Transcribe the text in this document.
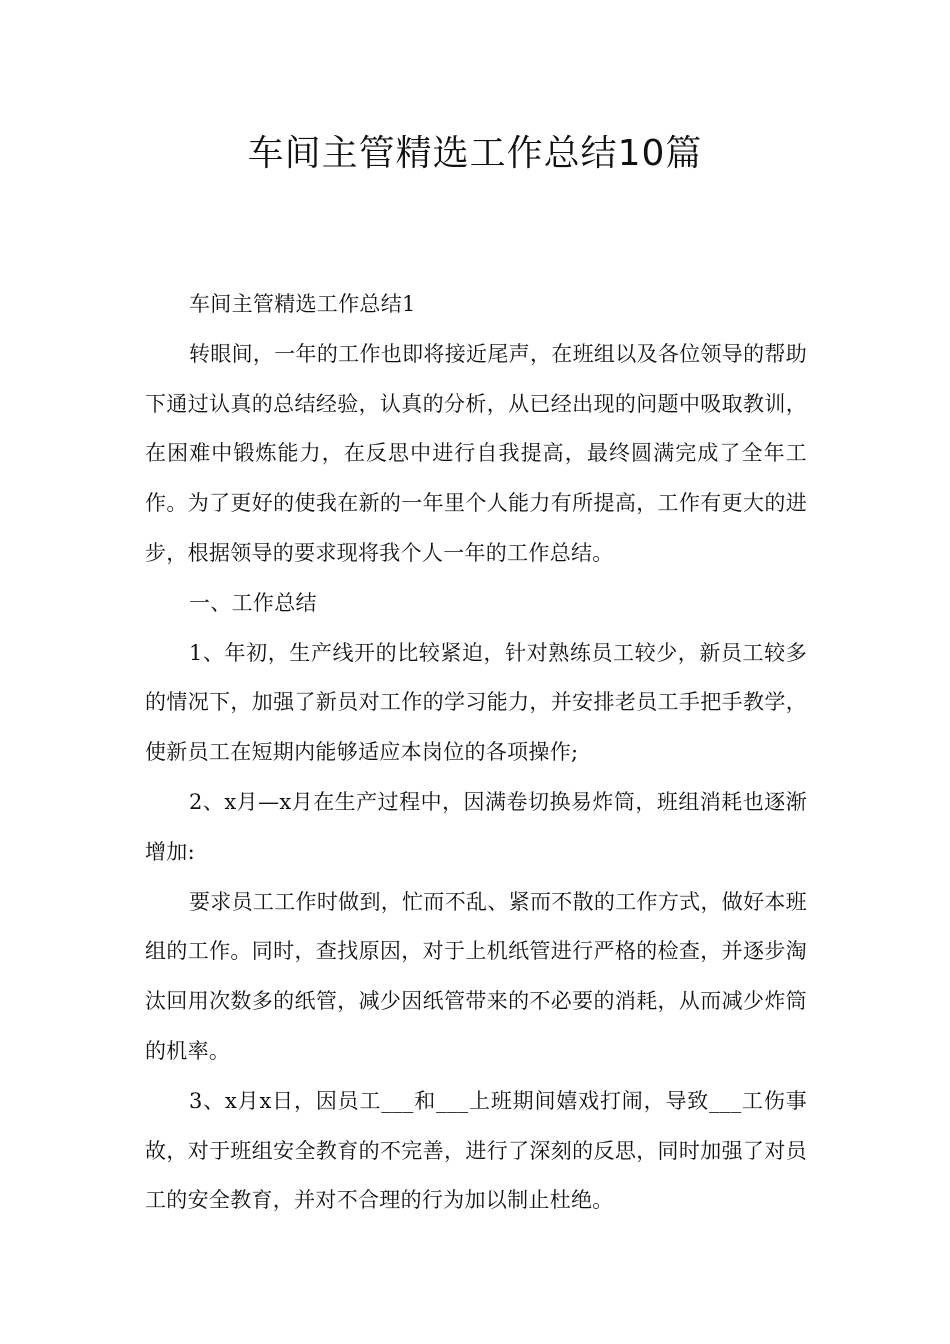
车间主管精选工作总结10篇

车间主管精选工作总结1

转眼间，一年的工作也即将接近尾声，在班组以及各位领导的帮助下通过认真的总结经验，认真的分析，从已经出现的问题中吸取教训，在困难中锻炼能力，在反思中进行自我提高，最终圆满完成了全年工作。为了更好的使我在新的一年里个人能力有所提高，工作有更大的进步，根据领导的要求现将我个人一年的工作总结。

一、工作总结

1、年初，生产线开的比较紧迫，针对熟练员工较少，新员工较多的情况下，加强了新员对工作的学习能力，并安排老员工手把手教学，使新员工在短期内能够适应本岗位的各项操作;

2、x月—x月在生产过程中，因满卷切换易炸筒，班组消耗也逐渐增加:

要求员工工作时做到，忙而不乱、紧而不散的工作方式，做好本班组的工作。同时，查找原因，对于上机纸管进行严格的检查，并逐步淘汰回用次数多的纸管，减少因纸管带来的不必要的消耗，从而减少炸筒的机率。

3、x月x日，因员工___和___上班期间嬉戏打闹，导致___工伤事故，对于班组安全教育的不完善，进行了深刻的反思，同时加强了对员工的安全教育，并对不合理的行为加以制止杜绝。
